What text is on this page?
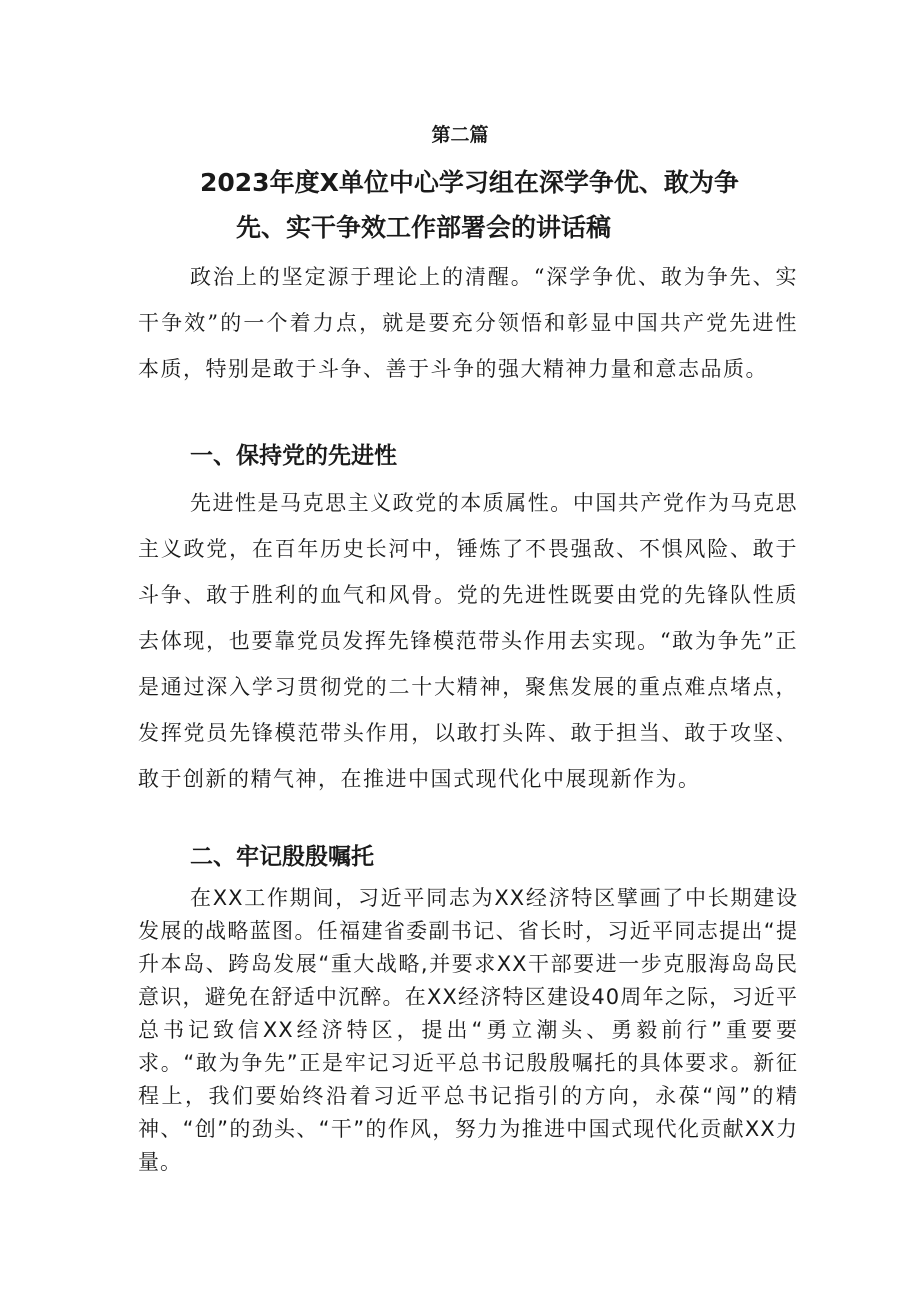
第二篇

2023年度X单位中心学习组在深学争优、敢为争
先、实干争效工作部署会的讲话稿

政治上的坚定源于理论上的清醒。“深学争优、敢为争先、实干争效”的一个着力点，就是要充分领悟和彰显中国共产党先进性本质，特别是敢于斗争、善于斗争的强大精神力量和意志品质。

一、保持党的先进性

先进性是马克思主义政党的本质属性。中国共产党作为马克思主义政党，在百年历史长河中，锤炼了不畏强敌、不惧风险、敢于斗争、敢于胜利的血气和风骨。党的先进性既要由党的先锋队性质去体现，也要靠党员发挥先锋模范带头作用去实现。“敢为争先”正是通过深入学习贯彻党的二十大精神，聚焦发展的重点难点堵点，发挥党员先锋模范带头作用，以敢打头阵、敢于担当、敢于攻坚、敢于创新的精气神，在推进中国式现代化中展现新作为。

二、牢记殷殷嘱托

在XX工作期间，习近平同志为XX经济特区擘画了中长期建设发展的战略蓝图。任福建省委副书记、省长时，习近平同志提出“提升本岛、跨岛发展“重大战略,并要求XX干部要进一步克服海岛岛民意识，避免在舒适中沉醉。在XX经济特区建设40周年之际，习近平总书记致信XX经济特区，提出“勇立潮头、勇毅前行”重要要求。“敢为争先”正是牢记习近平总书记殷殷嘱托的具体要求。新征程上，我们要始终沿着习近平总书记指引的方向，永葆“闯”的精神、“创”的劲头、“干”的作风，努力为推进中国式现代化贡献XX力量。
